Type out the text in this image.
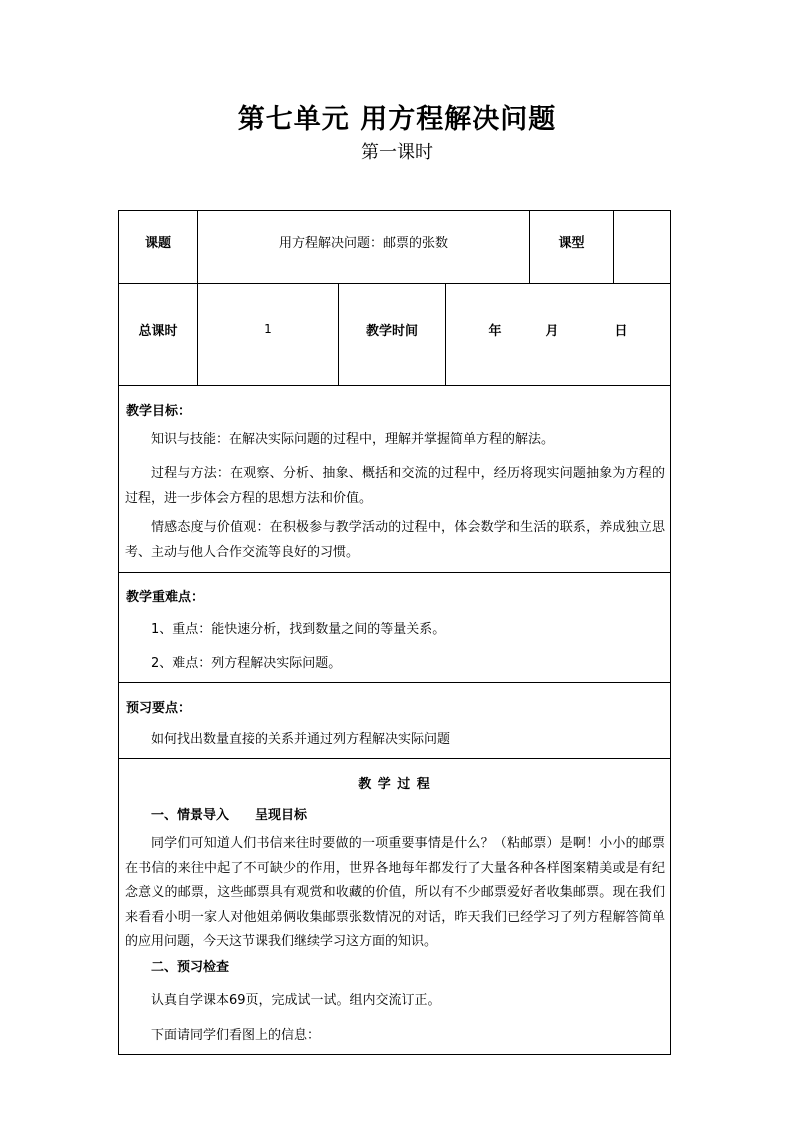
第七单元 用方程解决问题
第一课时
课题	用方程解决问题：邮票的张数	课型
总课时	1	教学时间	年	月	日
教学目标：
知识与技能：在解决实际问题的过程中，理解并掌握简单方程的解法。
过程与方法：在观察、分析、抽象、概括和交流的过程中，经历将现实问题抽象为方程的过程，进一步体会方程的思想方法和价值。
情感态度与价值观：在积极参与教学活动的过程中，体会数学和生活的联系，养成独立思考、主动与他人合作交流等良好的习惯。
教学重难点：
1、重点：能快速分析，找到数量之间的等量关系。
2、难点：列方程解决实际问题。
预习要点：
如何找出数量直接的关系并通过列方程解决实际问题
教 学 过 程
一、情景导入　　呈现目标
同学们可知道人们书信来往时要做的一项重要事情是什么？（粘邮票）是啊！小小的邮票在书信的来往中起了不可缺少的作用，世界各地每年都发行了大量各种各样图案精美或是有纪念意义的邮票，这些邮票具有观赏和收藏的价值，所以有不少邮票爱好者收集邮票。现在我们来看看小明一家人对他姐弟俩收集邮票张数情况的对话，昨天我们已经学习了列方程解答简单的应用问题，今天这节课我们继续学习这方面的知识。
二、预习检查
认真自学课本69页，完成试一试。组内交流订正。
下面请同学们看图上的信息：
